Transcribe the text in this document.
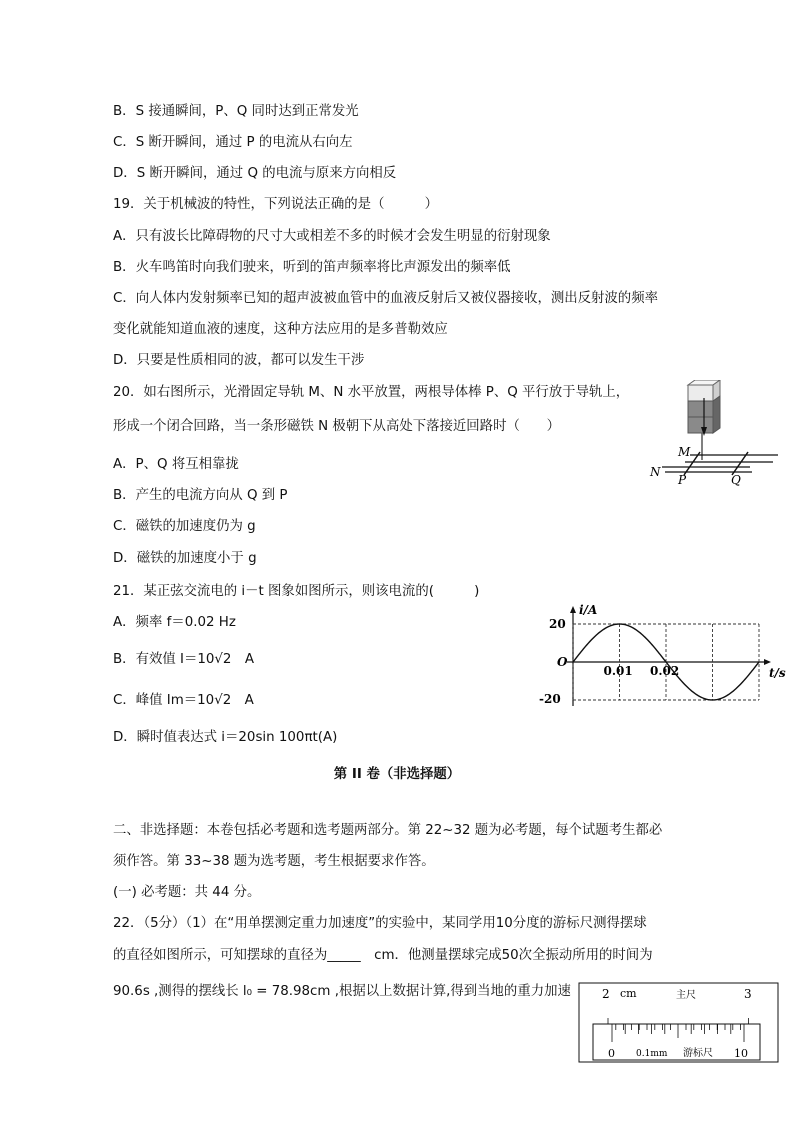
B．S 接通瞬间，P、Q 同时达到正常发光
C．S 断开瞬间，通过 P 的电流从右向左
D．S 断开瞬间，通过 Q 的电流与原来方向相反
19．关于机械波的特性，下列说法正确的是（　　　）
A．只有波长比障碍物的尺寸大或相差不多的时候才会发生明显的衍射现象
B．火车鸣笛时向我们驶来，听到的笛声频率将比声源发出的频率低
C．向人体内发射频率已知的超声波被血管中的血液反射后又被仪器接收，测出反射波的频率
变化就能知道血液的速度，这种方法应用的是多普勒效应
D．只要是性质相同的波，都可以发生干涉
20．如右图所示，光滑固定导轨 M、N 水平放置，两根导体棒 P、Q 平行放于导轨上，
形成一个闭合回路，当一条形磁铁 N 极朝下从高处下落接近回路时（　　）
A．P、Q 将互相靠拢
B．产生的电流方向从 Q 到 P
C．磁铁的加速度仍为 g
D．磁铁的加速度小于 g
M
N
P	Q
21．某正弦交流电的 i－t 图象如图所示，则该电流的(　　　)
A．频率 f＝0.02 Hz
B．有效值 I＝10√2　A
C．峰值 Im＝10√2　A
D．瞬时值表达式 i＝20sin 100πt(A)
i/A
t/s
O
20
-20
0.01 0.02
第 II 卷（非选择题）
二、非选择题：本卷包括必考题和选考题两部分。第 22~32 题为必考题，每个试题考生都必
须作答。第 33~38 题为选考题，考生根据要求作答。
(一) 必考题：共 44 分。
22．（5分）（1）在“用单摆测定重力加速度”的实验中，某同学用10分度的游标尺测得摆球
的直径如图所示，可知摆球的直径为_____　cm．他测量摆球完成50次全振动所用的时间为
90.6s ,测得的摆线长 l₀ = 78.98cm ,根据以上数据计算,得到当地的重力加速	2 cm	主尺	3
0 0.1mm 游标尺 10
